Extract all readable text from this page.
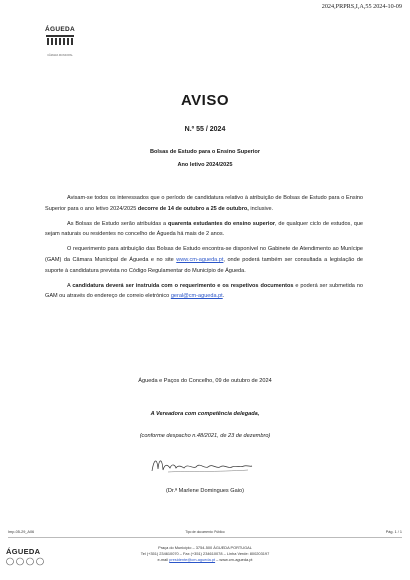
2024,PRPRS,I,A,55 2024-10-09
ÁGUEDA
CÂMARA MUNICIPAL
AVISO
N.º 55 / 2024
Bolsas de Estudo para o Ensino Superior
Ano letivo 2024/2025

Avisam-se todos os interessados que o período de candidatura relativo à atribuição de Bolsas de Estudo para o Ensino Superior para o ano letivo 2024/2025 decorre de 14 de outubro a 25 de outubro, inclusive.

As Bolsas de Estudo serão atribuídas a quarenta estudantes do ensino superior, de qualquer ciclo de estudos, que sejam naturais ou residentes no concelho de Águeda há mais de 2 anos.

O requerimento para atribuição das Bolsas de Estudo encontra-se disponível no Gabinete de Atendimento ao Munícipe (GAM) da Câmara Municipal de Águeda e no site www.cm-agueda.pt, onde poderá também ser consultada a legislação de suporte à candidatura prevista no Código Regulamentar do Município de Águeda.

A candidatura deverá ser instruída com o requerimento e os respetivos documentos e poderá ser submetida no GAM ou através do endereço de correio eletrónico geral@cm-agueda.pt.

Águeda e Paços do Concelho, 09 de outubro de 2024
A Vereadora com competência delegada,
(conforme despacho n.48/2021, de 23 de dezembro)
(Dr.ª Marlene Domingues Gaio)
Imp-05-29_A06	Tipo de documento: Público	Pág. 1 / 1
ÁGUEDA	Praça do Município – 3754-500 ÁGUEDA PORTUGAL
Tel (+351) 234610070 – Fax (+351) 234610078 – Linha Verde: 800203197
e-mail presidente@cm-agueda.pt – www.cm-agueda.pt
